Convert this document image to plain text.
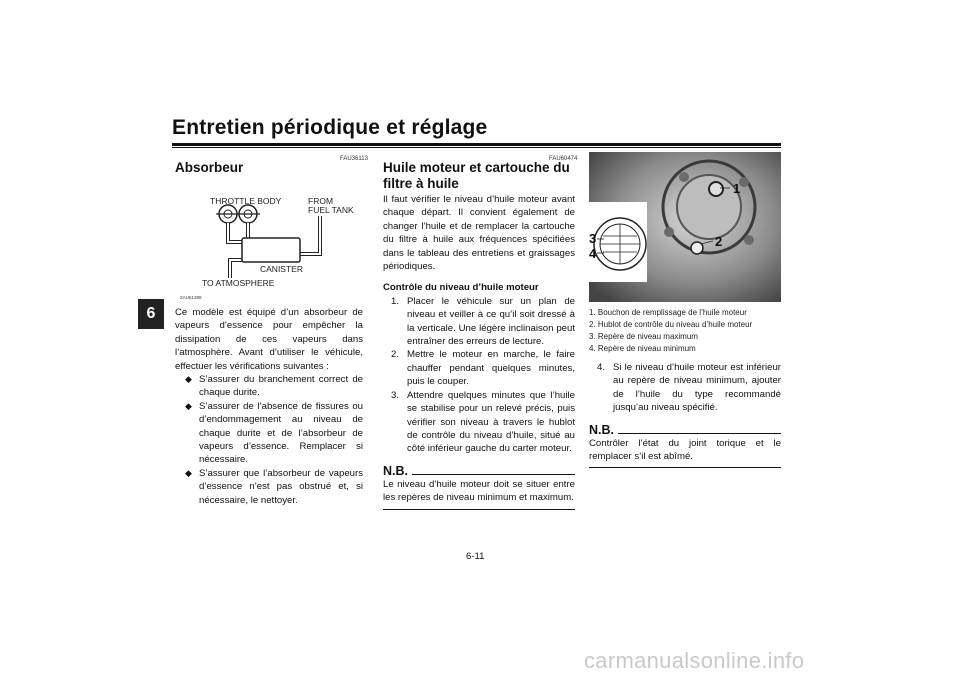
Entretien périodique et réglage
6
FAU36113
Absorbeur
THROTTLE BODY	FROM
FUEL TANK
CANISTER
TO ATMOSPHERE
ZAU61389

Ce modèle est équipé d’un absorbeur de vapeurs d’essence pour empêcher la dissipation de ces vapeurs dans l’atmosphère. Avant d’utiliser le véhicule, effectuer les vérifications suivantes :

◆ S’assurer du branchement correct de chaque durite.
◆ S’assurer de l’absence de fissures ou d’endommagement au niveau de chaque durite et de l’absorbeur de vapeurs d’essence. Remplacer si nécessaire.
◆ S’assurer que l’absorbeur de vapeurs d’essence n’est pas obstrué et, si nécessaire, le nettoyer.
FAU60474
Huile moteur et cartouche du
filtre à huile

Il faut vérifier le niveau d’huile moteur avant chaque départ. Il convient également de changer l’huile et de remplacer la cartouche du filtre à huile aux fréquences spécifiées dans le tableau des entretiens et graissages périodiques.

Contrôle du niveau d’huile moteur
1. Placer le véhicule sur un plan de niveau et veiller à ce qu’il soit dressé à la verticale. Une légère inclinaison peut entraîner des erreurs de lecture.
2. Mettre le moteur en marche, le faire chauffer pendant quelques minutes, puis le couper.
3. Attendre quelques minutes que l’huile se stabilise pour un relevé précis, puis vérifier son niveau à travers le hublot de contrôle du niveau d’huile, situé au côté inférieur gauche du carter moteur.
N.B.

Le niveau d’huile moteur doit se situer entre les repères de niveau minimum et maximum.

1
2
3
4
1. Bouchon de remplissage de l’huile moteur
2. Hublot de contrôle du niveau d’huile moteur
3. Repère de niveau maximum
4. Repère de niveau minimum
4. Si le niveau d’huile moteur est inférieur au repère de niveau minimum, ajouter de l’huile du type recommandé jusqu’au niveau spécifié.
N.B.

Contrôler l’état du joint torique et le remplacer s’il est abîmé.

6-11
carmanualsonline.info
